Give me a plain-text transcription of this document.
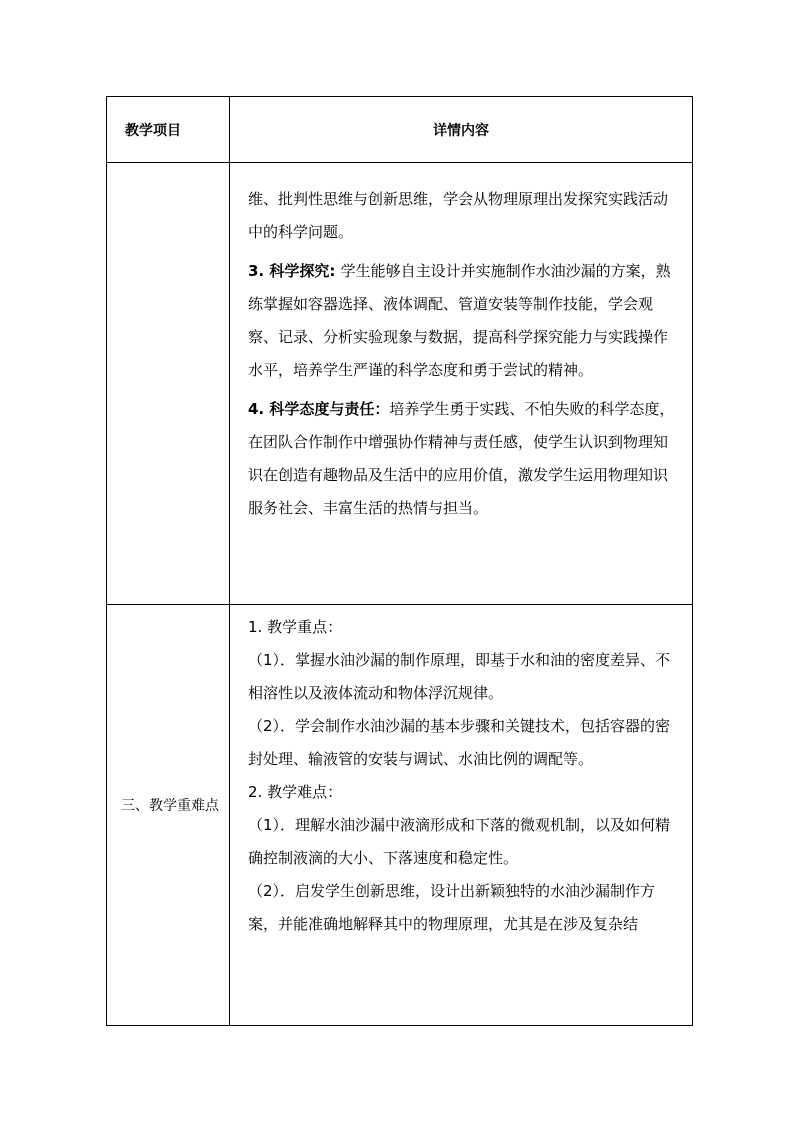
教学项目	详情内容

维、批判性思维与创新思维，学会从物理原理出发探究实践活动中的科学问题。

3. 科学探究: 学生能够自主设计并实施制作水油沙漏的方案，熟练掌握如容器选择、液体调配、管道安装等制作技能，学会观察、记录、分析实验现象与数据，提高科学探究能力与实践操作水平，培养学生严谨的科学态度和勇于尝试的精神。

4. 科学态度与责任：培养学生勇于实践、不怕失败的科学态度，在团队合作制作中增强协作精神与责任感，使学生认识到物理知识在创造有趣物品及生活中的应用价值，激发学生运用物理知识服务社会、丰富生活的热情与担当。

三、教学重难点

1. 教学重点：

（1）．掌握水油沙漏的制作原理，即基于水和油的密度差异、不相溶性以及液体流动和物体浮沉规律。

（2）．学会制作水油沙漏的基本步骤和关键技术，包括容器的密封处理、输液管的安装与调试、水油比例的调配等。

2. 教学难点：

（1）．理解水油沙漏中液滴形成和下落的微观机制，以及如何精确控制液滴的大小、下落速度和稳定性。

（2）．启发学生创新思维，设计出新颖独特的水油沙漏制作方案，并能准确地解释其中的物理原理，尤其是在涉及复杂结
